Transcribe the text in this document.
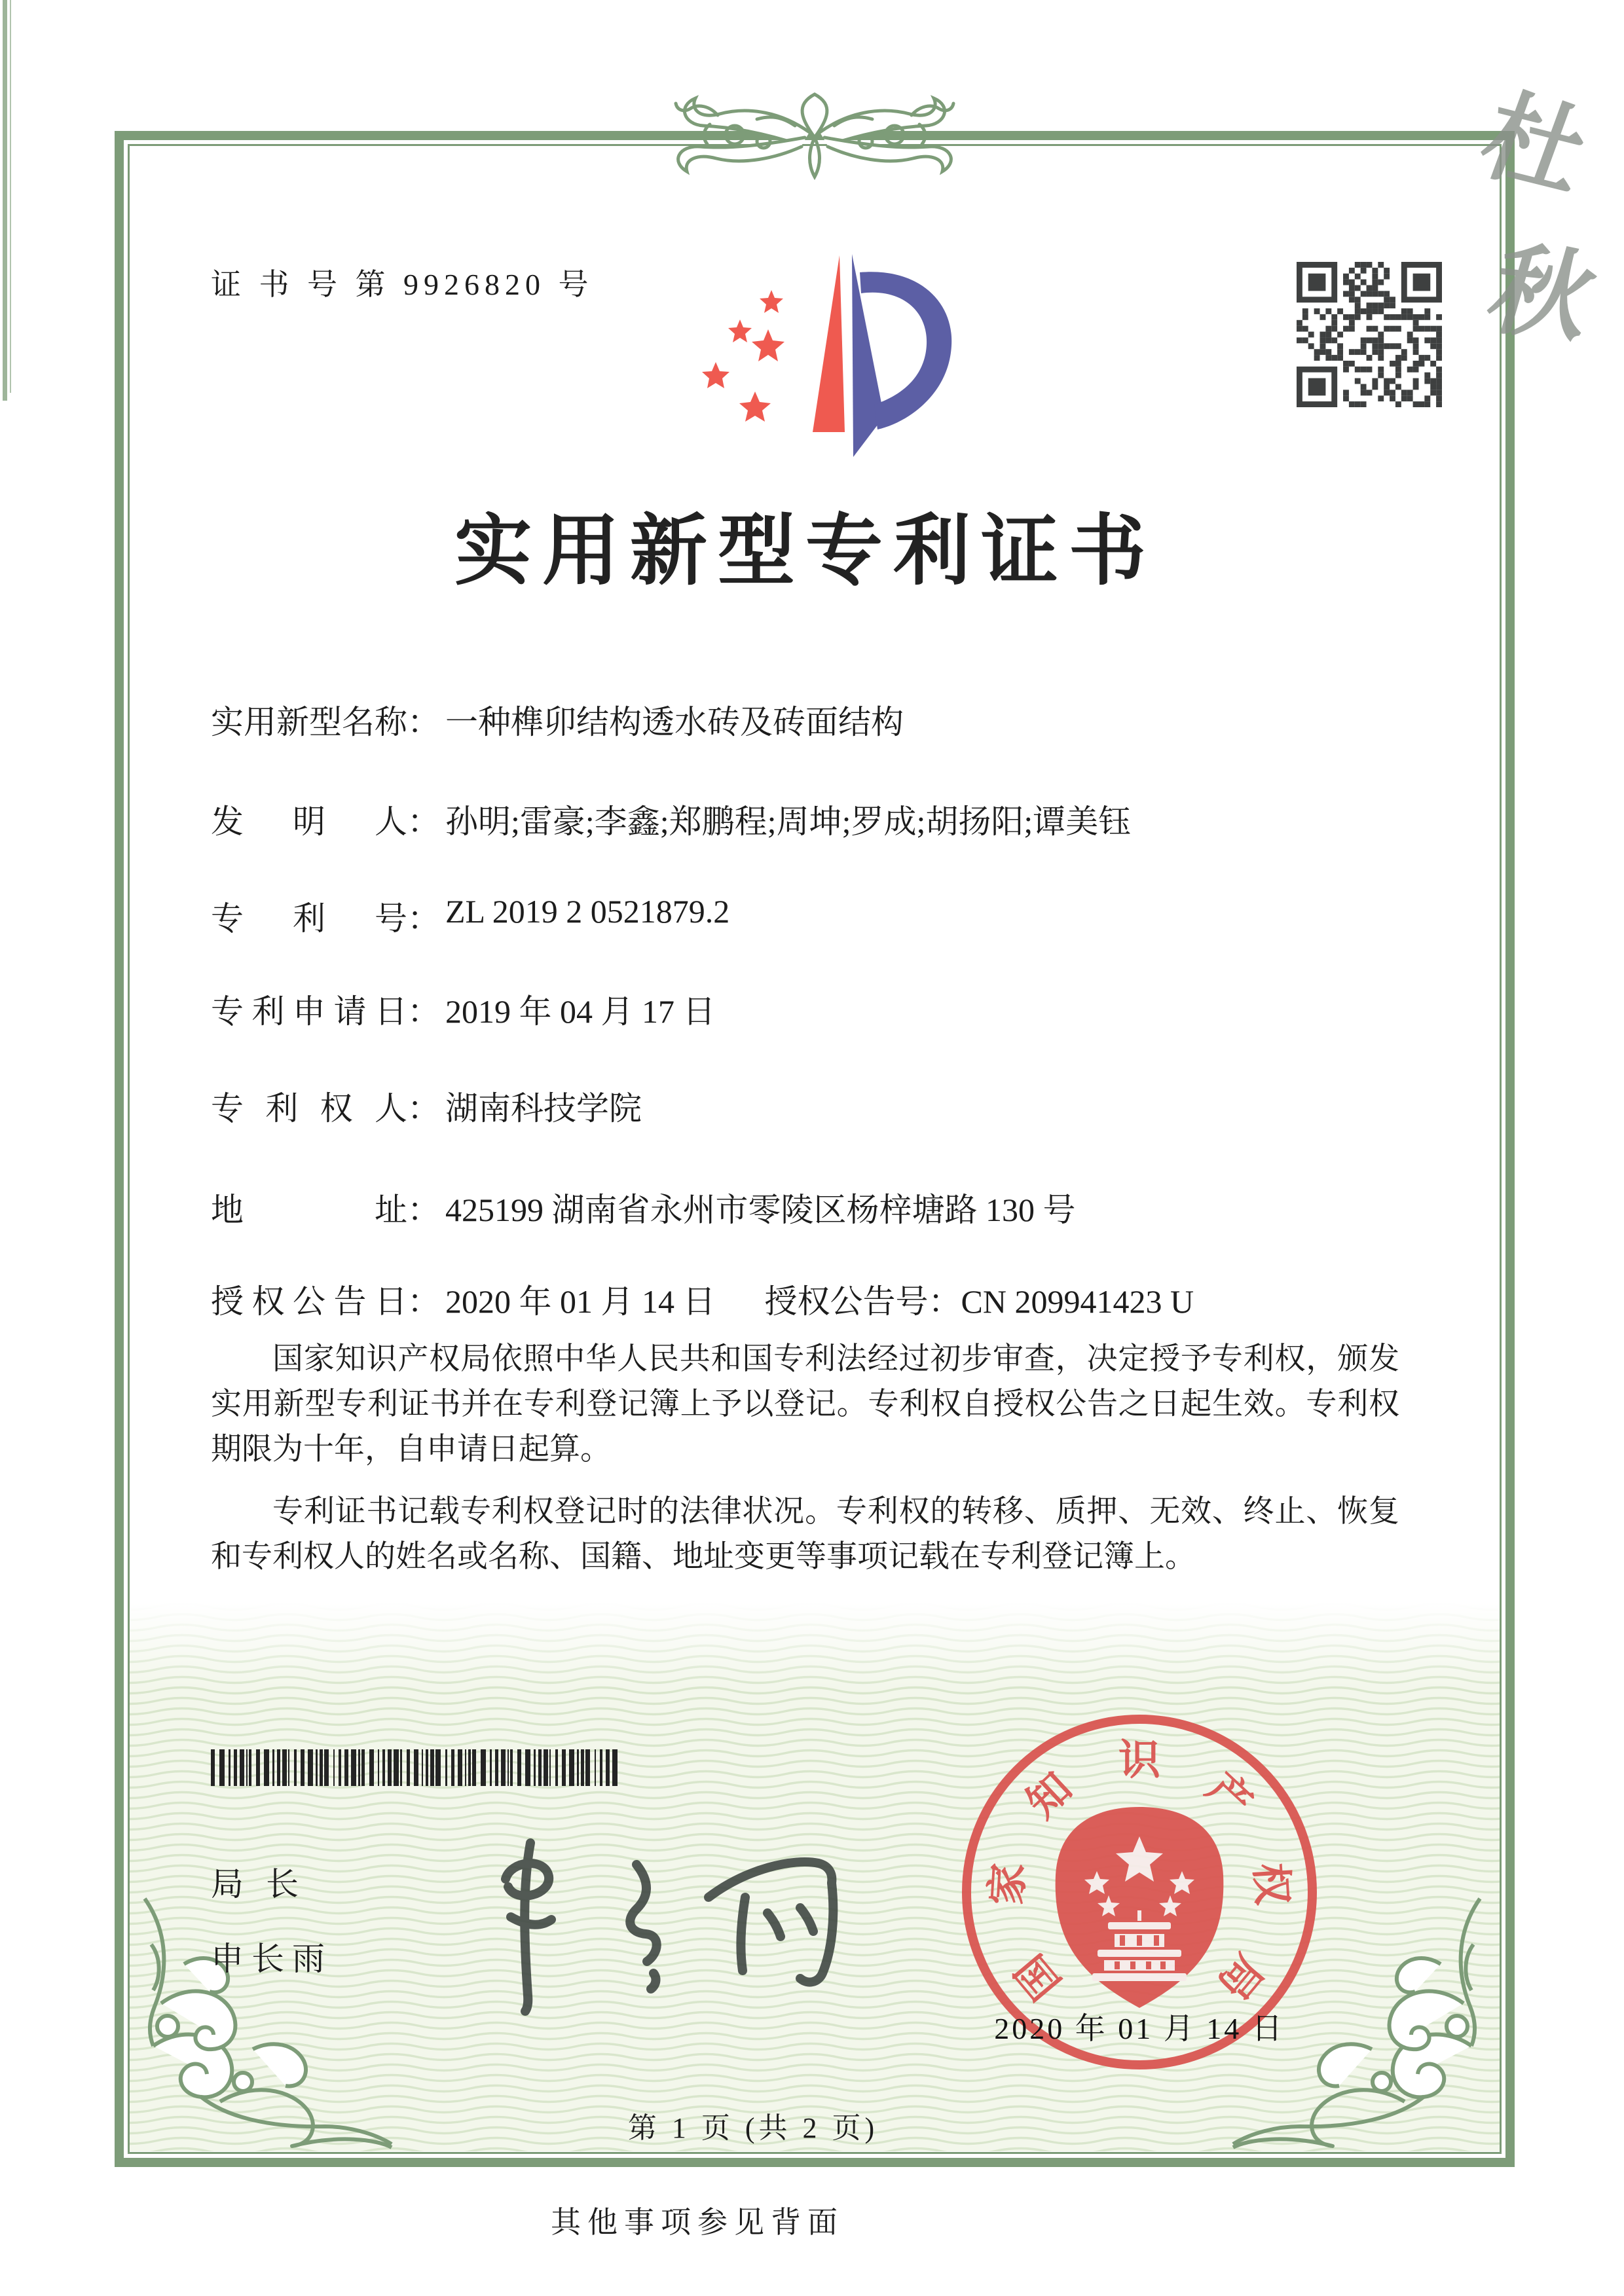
证 书 号 第 9926820 号
杜
秋
实用新型专利证书
实 用 新 型 名 称 ： 一种榫卯结构透水砖及砖面结构
发 明 人 ： 孙明;雷豪;李鑫;郑鹏程;周坤;罗成;胡扬阳;谭美钰
专 利 号 ： ZL 2019 2 0521879.2
专 利 申 请 日 ： 2019 年 04 月 17 日
专 利 权 人 ： 湖南科技学院
地	址 ： 425199 湖南省永州市零陵区杨梓塘路 130 号
授 权 公 告 日 ： 2020 年 01 月 14 日      授权公告号：CN 209941423 U

国家知识产权局依照中华人民共和国专利法经过初步审查，决定授予专利权，颁发实用新型专利证书并在专利登记簿上予以登记。专利权自授权公告之日起生效。专利权期限为十年，自申请日起算。

专利证书记载专利权登记时的法律状况。专利权的转移、质押、无效、终止、恢复和专利权人的姓名或名称、国籍、地址变更等事项记载在专利登记簿上。

局长
申长雨	国
家
知
识
产
权
局
2020 年 01 月 14 日
第 1 页 (共 2 页)
其他事项参见背面
